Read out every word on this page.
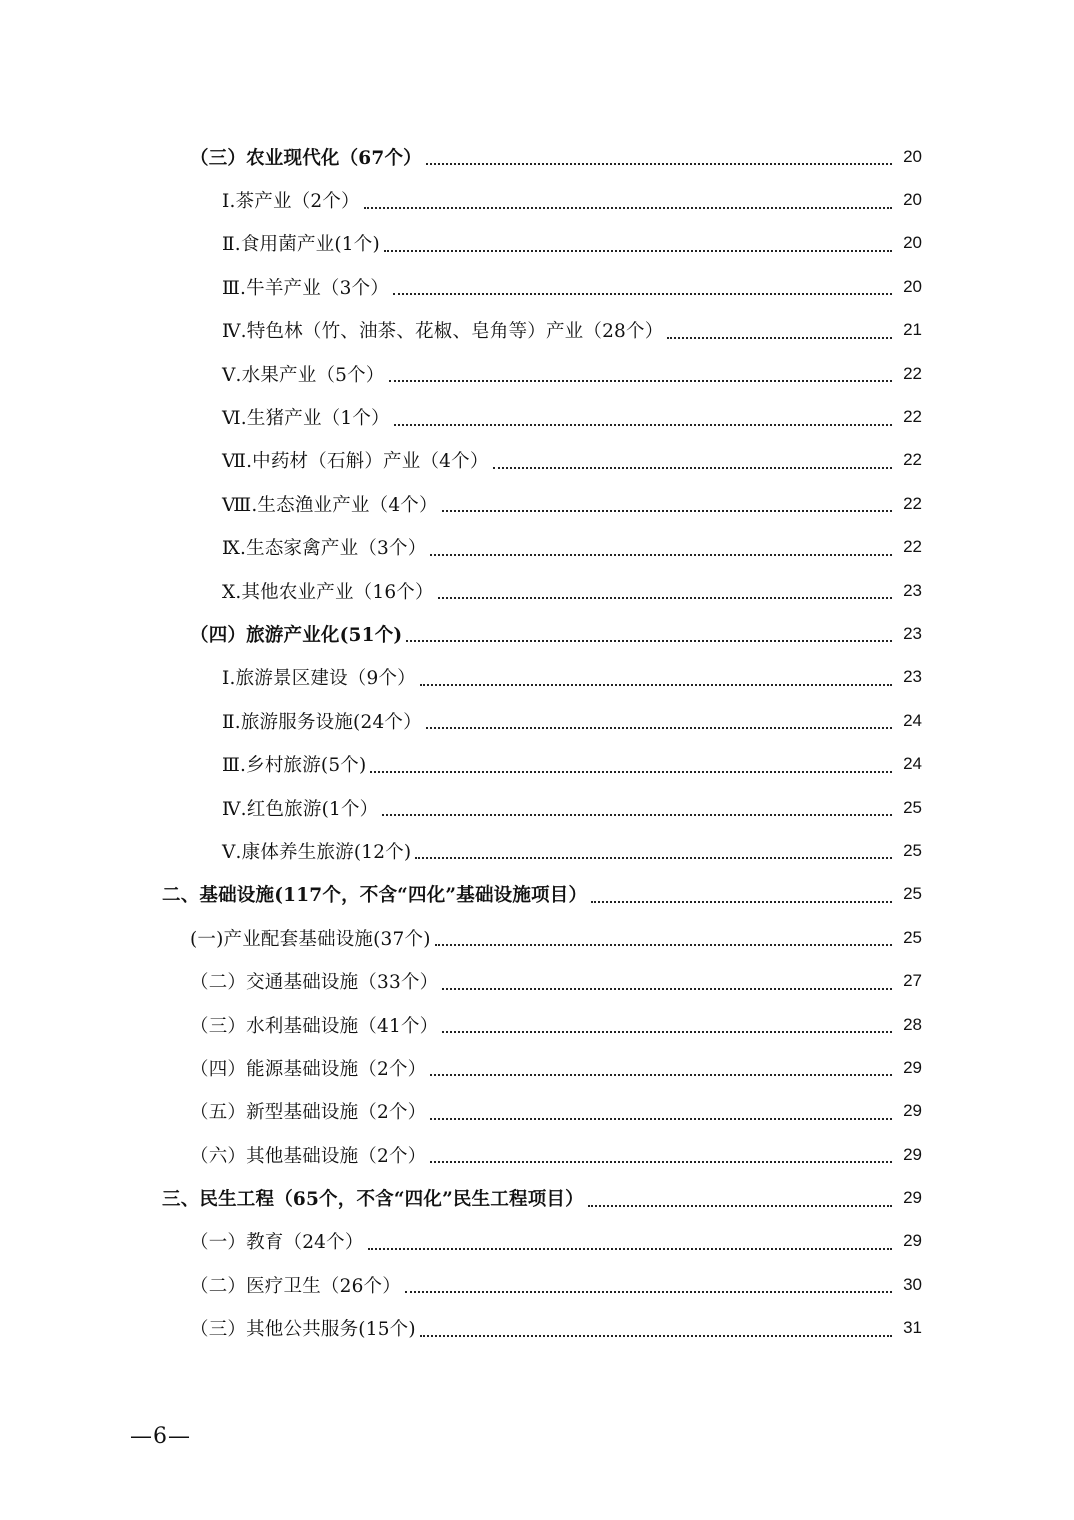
（三）农业现代化（67个）	20
Ⅰ.茶产业（2个）	20
Ⅱ.食用菌产业(1个)	20
Ⅲ.牛羊产业（3个）	20
Ⅳ.特色林（竹、油茶、花椒、皂角等）产业（28个）	21
Ⅴ.水果产业（5个）	22
Ⅵ.生猪产业（1个）	22
Ⅶ.中药材（石斛）产业（4个）	22
Ⅷ.生态渔业产业（4个）	22
Ⅸ.生态家禽产业（3个）	22
Ⅹ.其他农业产业（16个）	23
（四）旅游产业化(51个)	23
Ⅰ.旅游景区建设（9个）	23
Ⅱ.旅游服务设施(24个）	24
Ⅲ.乡村旅游(5个)	24
Ⅳ.红色旅游(1个）	25
Ⅴ.康体养生旅游(12个)	25
二、基础设施(117个，不含“四化”基础设施项目）	25
(一)产业配套基础设施(37个)	25
（二）交通基础设施（33个）	27
（三）水利基础设施（41个）	28
（四）能源基础设施（2个）	29
（五）新型基础设施（2个）	29
（六）其他基础设施（2个）	29
三、民生工程（65个，不含“四化”民生工程项目）	29
（一）教育（24个）	29
（二）医疗卫生（26个）	30
（三）其他公共服务(15个)	31
—6—
